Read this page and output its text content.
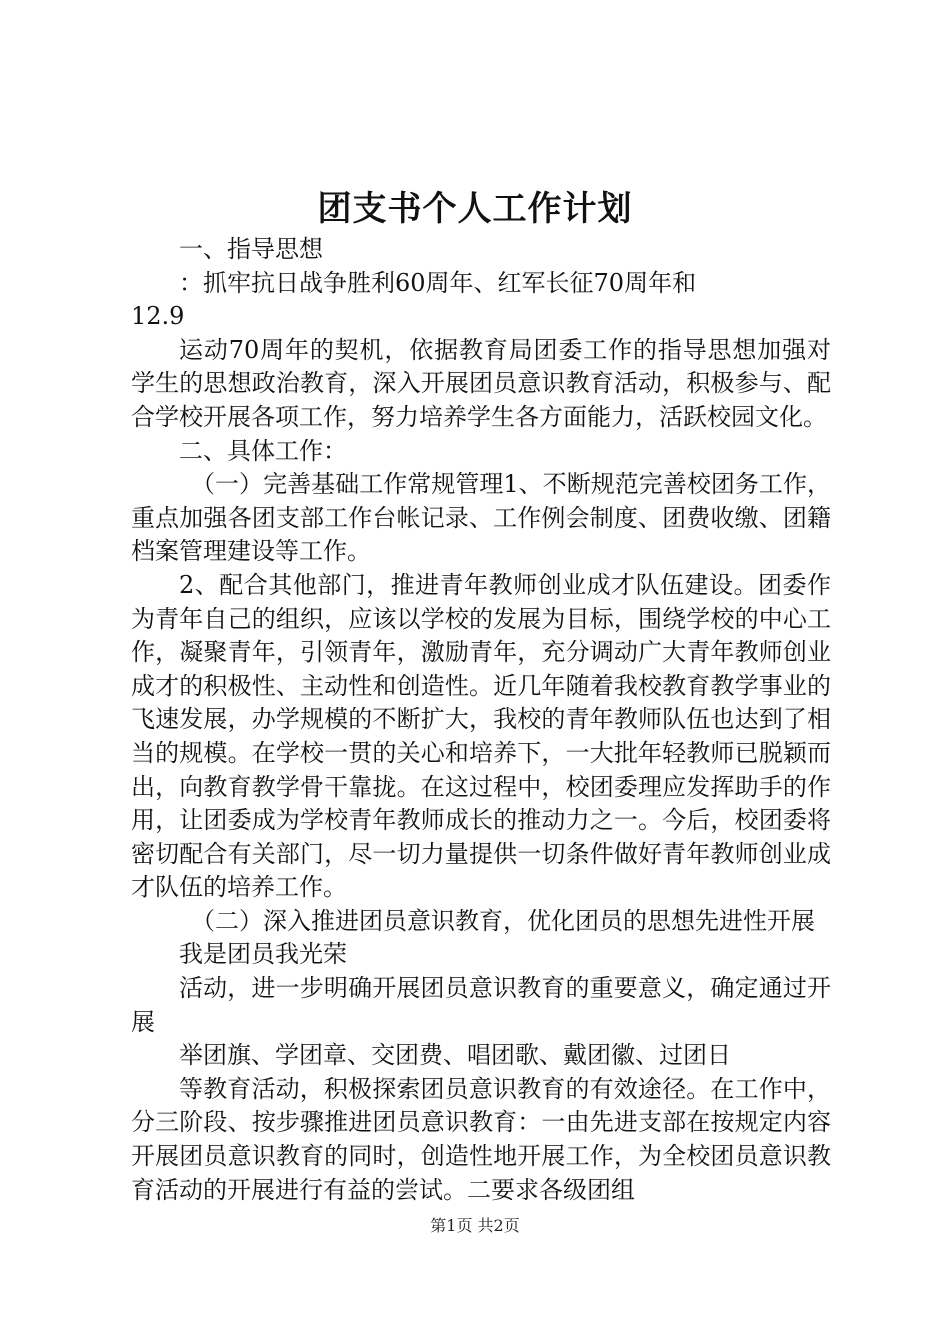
团支书个人工作计划

一、指导思想

：抓牢抗日战争胜利60周年、红军长征70周年和

12.9

运动70周年的契机，依据教育局团委工作的指导思想加强对学生的思想政治教育，深入开展团员意识教育活动，积极参与、配合学校开展各项工作，努力培养学生各方面能力，活跃校园文化。

二、具体工作：

（一）完善基础工作常规管理1、不断规范完善校团务工作，重点加强各团支部工作台帐记录、工作例会制度、团费收缴、团籍档案管理建设等工作。

2、配合其他部门，推进青年教师创业成才队伍建设。团委作为青年自己的组织，应该以学校的发展为目标，围绕学校的中心工作，凝聚青年，引领青年，激励青年，充分调动广大青年教师创业成才的积极性、主动性和创造性。近几年随着我校教育教学事业的飞速发展，办学规模的不断扩大，我校的青年教师队伍也达到了相当的规模。在学校一贯的关心和培养下，一大批年轻教师已脱颖而出，向教育教学骨干靠拢。在这过程中，校团委理应发挥助手的作用，让团委成为学校青年教师成长的推动力之一。今后，校团委将密切配合有关部门，尽一切力量提供一切条件做好青年教师创业成才队伍的培养工作。

（二）深入推进团员意识教育，优化团员的思想先进性开展

我是团员我光荣

活动，进一步明确开展团员意识教育的重要意义，确定通过开展

举团旗、学团章、交团费、唱团歌、戴团徽、过团日

等教育活动，积极探索团员意识教育的有效途径。在工作中，分三阶段、按步骤推进团员意识教育：一由先进支部在按规定内容开展团员意识教育的同时，创造性地开展工作，为全校团员意识教育活动的开展进行有益的尝试。二要求各级团组

第1页 共2页
